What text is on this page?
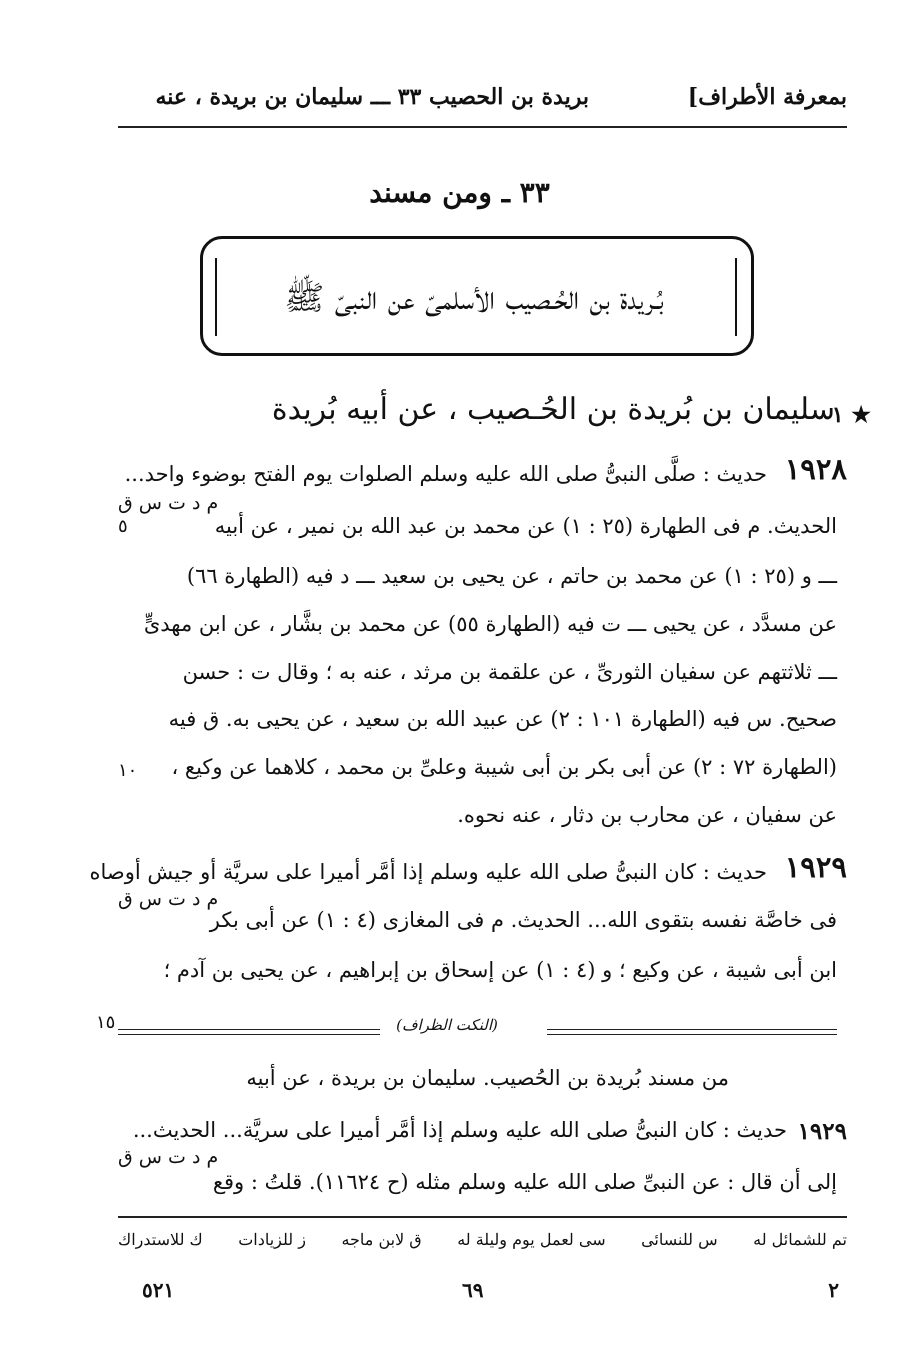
بمعرفة الأطراف]
بريدة بن الحصيب ٣٣ ـــ سليمان بن بريدة ، عنه
٣٣ ـ ومن مسند
بُـريدة بن الحُـصيب الأسلمىّ عن النبىّ ﷺ
١ ★
سليمان بن بُريدة بن الحُـصيب ، عن أبيه بُريدة
١٩٢٨
حديث : صلَّى النبىُّ صلى الله عليه وسلم الصلوات يوم الفتح بوضوء واحد...
م د ت س ق
الحديث. م فى الطهارة (٢٥ : ١) عن محمد بن عبد الله بن نمير ، عن أبيه
٥
ـــ و (٢٥ : ١) عن محمد بن حاتم ، عن يحيى بن سعيد ـــ د فيه (الطهارة ٦٦)
عن مسدَّد ، عن يحيى ـــ ت فيه (الطهارة ٥٥) عن محمد بن بشَّار ، عن ابن مهدىٍّ
ـــ ثلاثتهم عن سفيان الثورىِّ ، عن علقمة بن مرثد ، عنه به ؛ وقال ت : حسن
صحيح. س فيه (الطهارة ١٠١ : ٢) عن عبيد الله بن سعيد ، عن يحيى به. ق فيه
(الطهارة ٧٢ : ٢) عن أبى بكر بن أبى شيبة وعلىِّ بن محمد ، كلاهما عن وكيع ،
١٠
عن سفيان ، عن محارب بن دثار ، عنه نحوه.
١٩٢٩
حديث : كان النبىُّ صلى الله عليه وسلم إذا أمَّر أميرا على سريَّة أو جيش أوصاه
م د ت س ق
فى خاصَّة نفسه بتقوى الله... الحديث. م فى المغازى (٤ : ١) عن أبى بكر
ابن أبى شيبة ، عن وكيع ؛ و (٤ : ١) عن إسحاق بن إبراهيم ، عن يحيى بن آدم ؛
(النكت الظراف)
١٥
من مسند بُريدة بن الحُصيب. سليمان بن بريدة ، عن أبيه
١٩٢٩
حديث : كان النبىُّ صلى الله عليه وسلم إذا أمَّر أميرا على سريَّة... الحديث...
م د ت س ق
إلى أن قال : عن النبىِّ صلى الله عليه وسلم مثله (ح ١١٦٢٤). قلتُ : وقع
تم للشمائل له
س للنسائى
سى لعمل يوم وليلة له
ق لابن ماجه
ز للزيادات
ك للاستدراك
٢
٦٩
٥٢١
